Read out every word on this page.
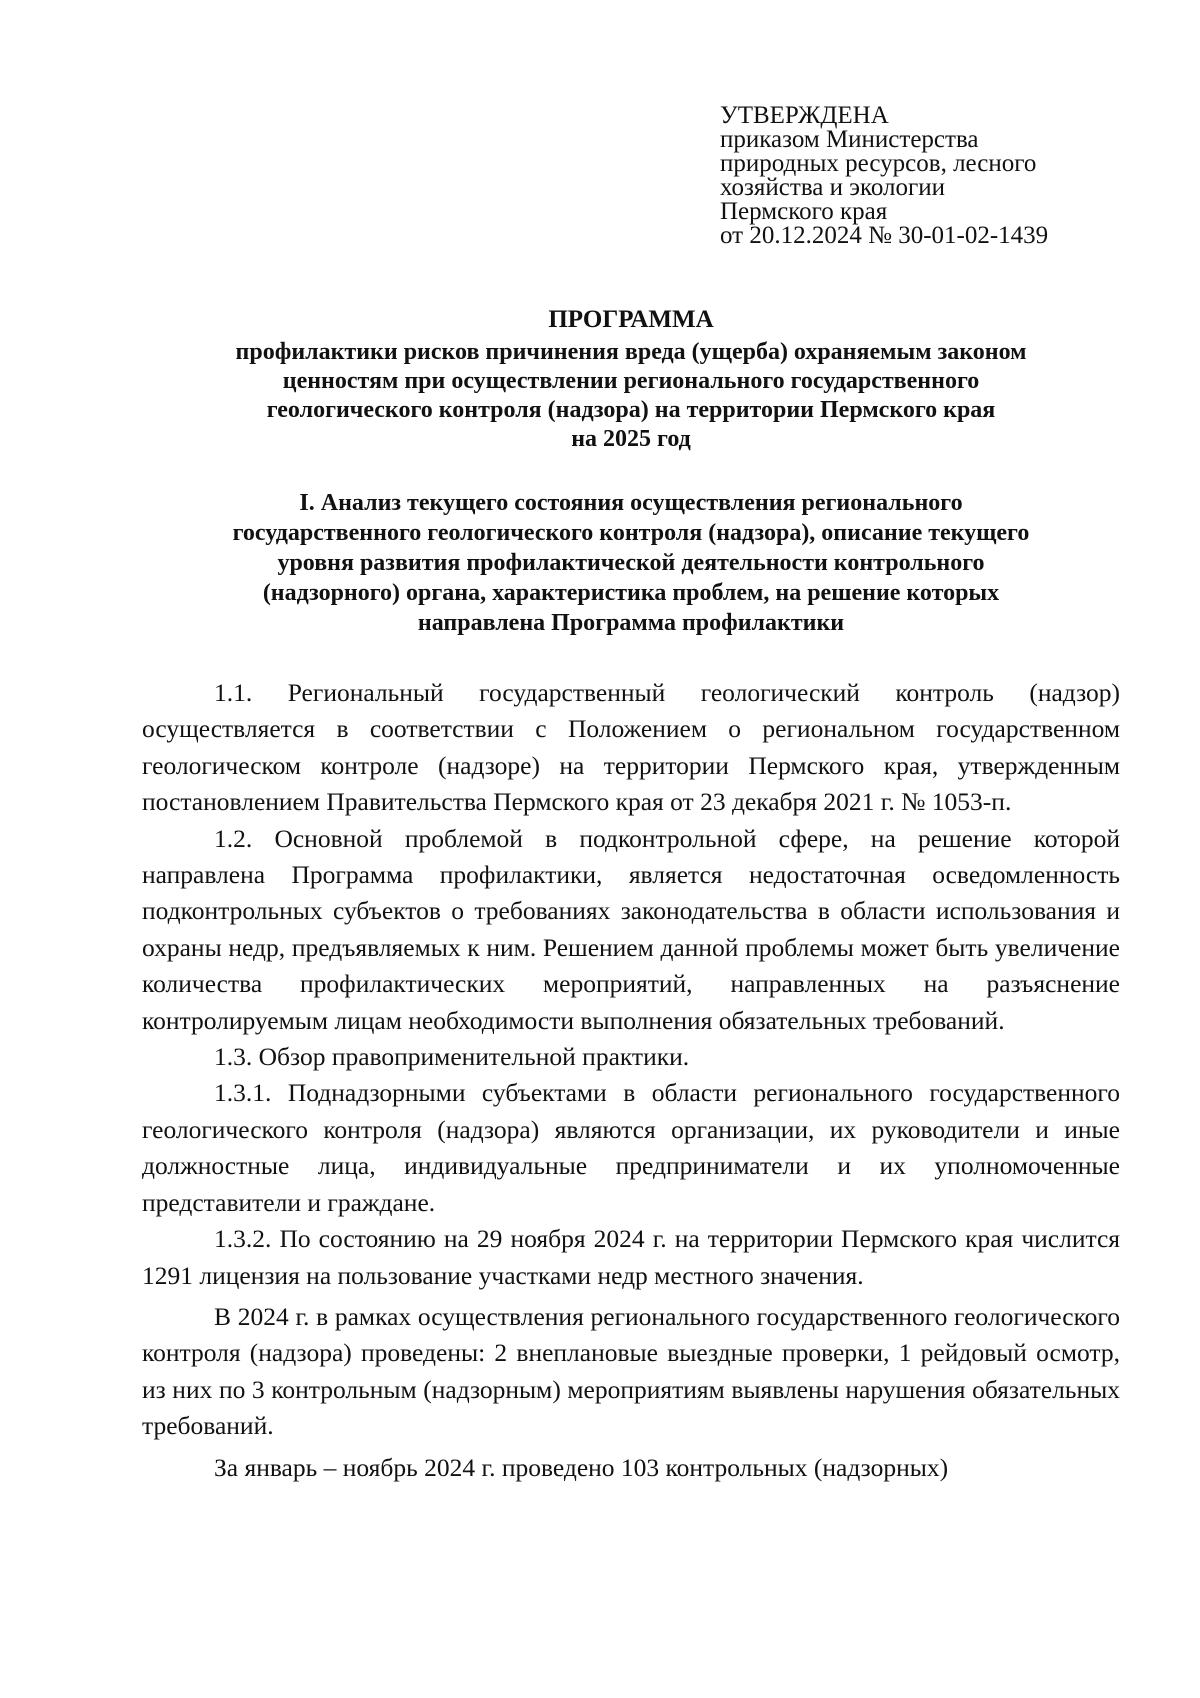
УТВЕРЖДЕНА
приказом Министерства
природных ресурсов, лесного
хозяйства и экологии
Пермского края
от 20.12.2024 № 30-01-02-1439
ПРОГРАММА
профилактики рисков причинения вреда (ущерба) охраняемым законом
ценностям при осуществлении регионального государственного
геологического контроля (надзора) на территории Пермского края
на 2025 год
I. Анализ текущего состояния осуществления регионального
государственного геологического контроля (надзора), описание текущего
уровня развития профилактической деятельности контрольного
(надзорного) органа, характеристика проблем, на решение которых
направлена Программа профилактики

1.1. Региональный государственный геологический контроль (надзор) осуществляется в соответствии с Положением о региональном государственном геологическом контроле (надзоре) на территории Пермского края, утвержденным постановлением Правительства Пермского края от 23 декабря 2021 г. № 1053-п.

1.2. Основной проблемой в подконтрольной сфере, на решение которой направлена Программа профилактики, является недостаточная осведомленность подконтрольных субъектов о требованиях законодательства в области использования и охраны недр, предъявляемых к ним. Решением данной проблемы может быть увеличение количества профилактических мероприятий, направленных на разъяснение контролируемым лицам необходимости выполнения обязательных требований.

1.3. Обзор правоприменительной практики.

1.3.1. Поднадзорными субъектами в области регионального государственного геологического контроля (надзора) являются организации, их руководители и иные должностные лица, индивидуальные предприниматели и их уполномоченные представители и граждане.

1.3.2. По состоянию на 29 ноября 2024 г. на территории Пермского края числится 1291 лицензия на пользование участками недр местного значения.

В 2024 г. в рамках осуществления регионального государственного геологического контроля (надзора) проведены: 2 внеплановые выездные проверки, 1 рейдовый осмотр, из них по 3 контрольным (надзорным) мероприятиям выявлены нарушения обязательных требований.

За январь – ноябрь 2024 г. проведено 103 контрольных (надзорных)
